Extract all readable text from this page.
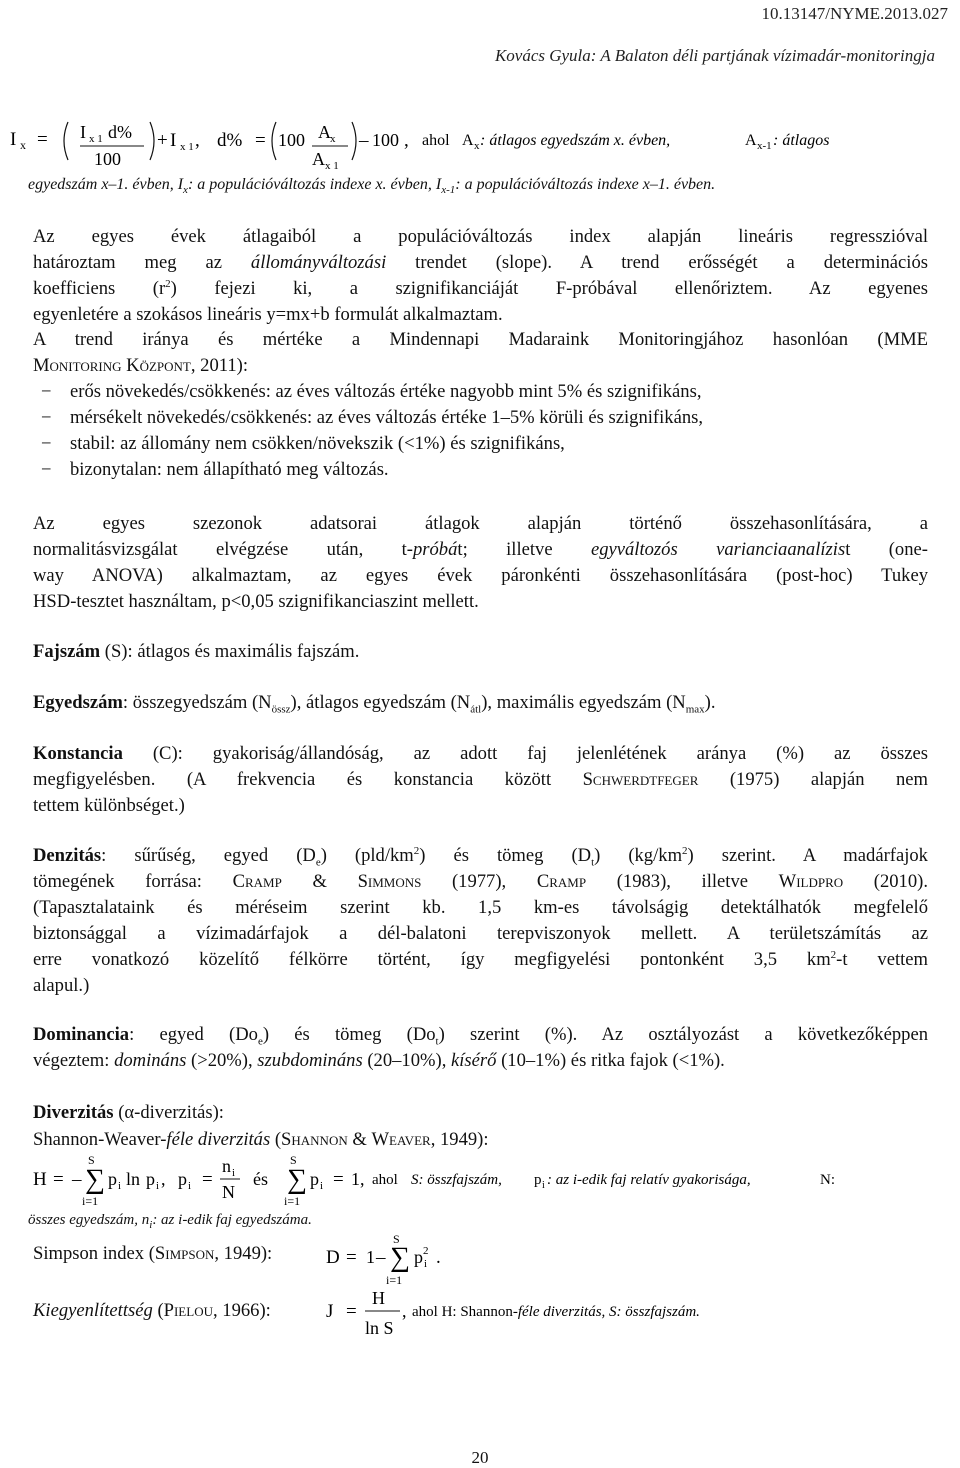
10.13147/NYME.2013.027
Kovács Gyula: A Balaton déli partjának vízimadár-monitoringja
I x = I x 1 d%
100
+ I x 1 , d% = 100 A x
A x 1
– 100 , ahol A x : átlagos egyedszám x. évben,	A x-1 : átlagos
egyedszám x–1. évben, $I_x$: a populációváltozás indexe x. évben, $I_{x-1}$: a populációváltozás indexe x–1. évben.
Az egyes évek átlagaiból a populációváltozás index alapján lineáris regresszióval
határoztam meg az állományváltozási trendet (slope). A trend erősségét a determinációs
koefficiens $(r^2)$ fejezi ki, a szignifikanciáját F-próbával ellenőriztem. Az egyenes
egyenletére a szokásos lineáris y=mx+b formulát alkalmaztam.
A trend iránya és mértéke a Mindennapi Madaraink Monitoringjához hasonlóan (MME
Monitoring Központ, 2011):
− erős növekedés/csökkenés: az éves változás értéke nagyobb mint 5% és szignifikáns,
− mérsékelt növekedés/csökkenés: az éves változás értéke 1–5% körüli és szignifikáns,
− stabil: az állomány nem csökken/növekszik (<1%) és szignifikáns,
− bizonytalan: nem állapítható meg változás.
Az egyes szezonok adatsorai átlagok alapján történő összehasonlítására, a
normalitásvizsgálat elvégzése után, t-próbát; illetve egyváltozós varianciaanalízist (one-
way ANOVA) alkalmaztam, az egyes évek páronkénti összehasonlítására (post-hoc) Tukey
HSD-tesztet használtam, p<0,05 szignifikanciaszint mellett.
Fajszám (S): átlagos és maximális fajszám.
Egyedszám: összegyedszám $(N_{össz})$, átlagos egyedszám $(N_{átl})$, maximális egyedszám $(N_{max})$.
Konstancia (C): gyakoriság/állandóság, az adott faj jelenlétének aránya (%) az összes
megfigyelésben. (A frekvencia és konstancia között Schwerdtfeger (1975) alapján nem
tettem különbséget.)
Denzitás: sűrűség, egyed $(D_e)$ $(pld/km^2)$ és tömeg $(D_t)$ $(kg/km^2)$ szerint. A madárfajok
tömegének forrása: Cramp & Simmons (1977), Cramp (1983), illetve Wildpro (2010).
(Tapasztalataink és méréseim szerint kb. 1,5 km-es távolságig detektálhatók megfelelő
biztonsággal a vízimadárfajok a dél-balatoni terepviszonyok mellett. A területszámítás az
erre vonatkozó közelítő félkörre történt, így megfigyelési pontonként 3,5 $km^2-t$ vettem
alapul.)
Dominancia: egyed $(Do_e)$ és tömeg $(Do_t)$ szerint (%). Az osztályozást a következőképpen
végeztem: domináns (>20%), szubdomináns (20–10%), kísérő (10–1%) és ritka fajok (<1%).
Diverzitás (α-diverzitás):
Shannon-Weaver-féle diverzitás (Shannon & Weaver, 1949):
H = –
S
∑
i=1
p i ln p i , p i =
n i
N
és
S
∑
i=1
p i = 1 , ahol S: összfajszám, p i : az i-edik faj relatív gyakorisága,	N:
összes egyedszám, $n_i$: az i-edik faj egyedszáma.
Simpson index (Simpson, 1949):	D = 1 –
S
∑
i=1
p i
2 .
Kiegyenlítettség (Pielou, 1966):	J =
H
ln S
, ahol H: Shannon-féle diverzitás, S: összfajszám.
20
